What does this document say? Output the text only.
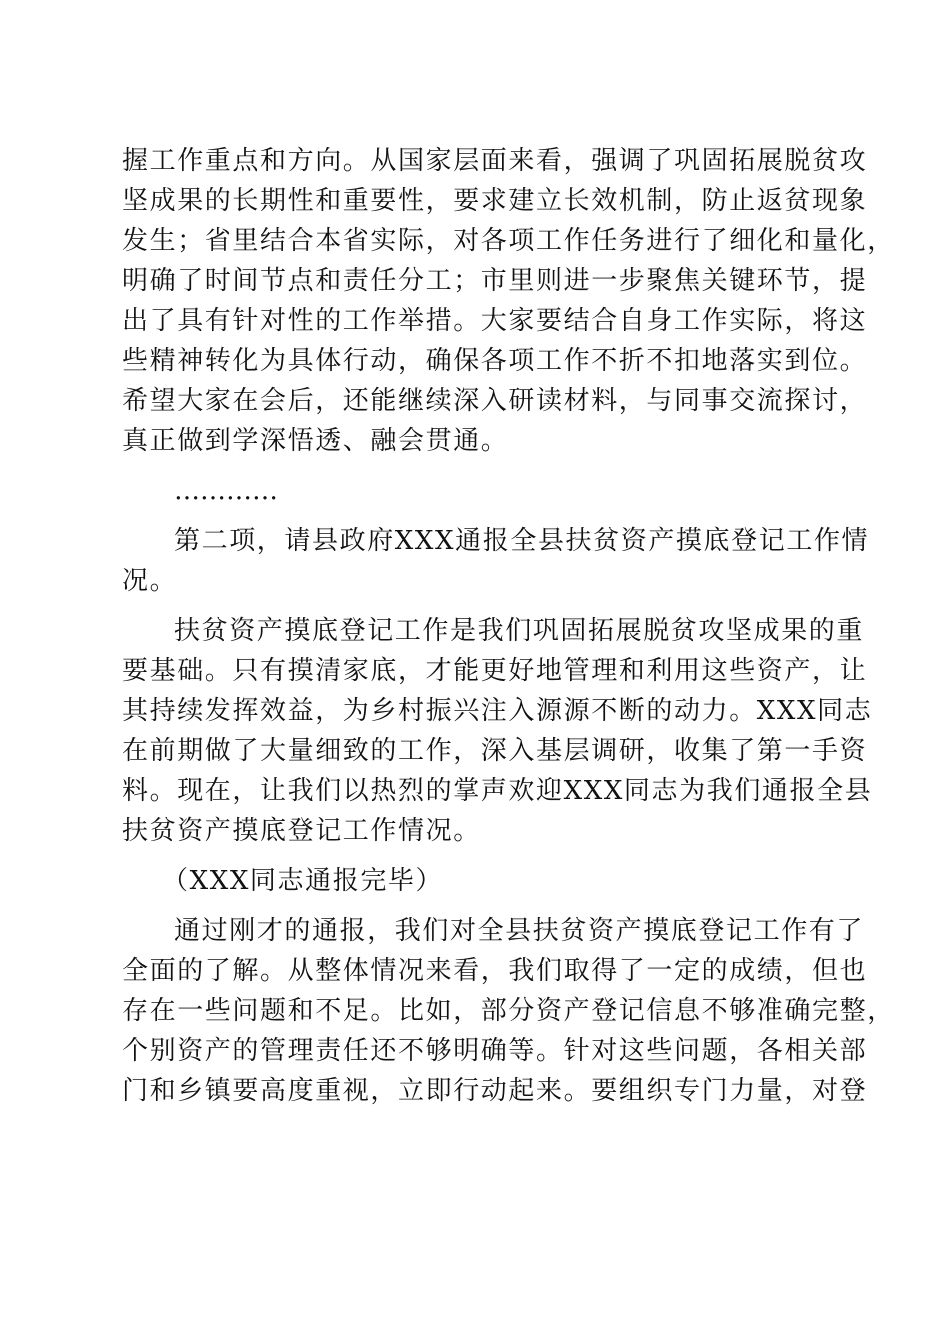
握工作重点和方向。从国家层面来看，强调了巩固拓展脱贫攻
坚成果的长期性和重要性，要求建立长效机制，防止返贫现象
发生；省里结合本省实际，对各项工作任务进行了细化和量化，
明确了时间节点和责任分工；市里则进一步聚焦关键环节，提
出了具有针对性的工作举措。大家要结合自身工作实际，将这
些精神转化为具体行动，确保各项工作不折不扣地落实到位。
希望大家在会后，还能继续深入研读材料，与同事交流探讨，
真正做到学深悟透、融会贯通。
…………
第二项，请县政府XXX通报全县扶贫资产摸底登记工作情
况。
扶贫资产摸底登记工作是我们巩固拓展脱贫攻坚成果的重
要基础。只有摸清家底，才能更好地管理和利用这些资产，让
其持续发挥效益，为乡村振兴注入源源不断的动力。XXX同志
在前期做了大量细致的工作，深入基层调研，收集了第一手资
料。现在，让我们以热烈的掌声欢迎XXX同志为我们通报全县
扶贫资产摸底登记工作情况。
（XXX同志通报完毕）
通过刚才的通报，我们对全县扶贫资产摸底登记工作有了
全面的了解。从整体情况来看，我们取得了一定的成绩，但也
存在一些问题和不足。比如，部分资产登记信息不够准确完整，
个别资产的管理责任还不够明确等。针对这些问题，各相关部
门和乡镇要高度重视，立即行动起来。要组织专门力量，对登
